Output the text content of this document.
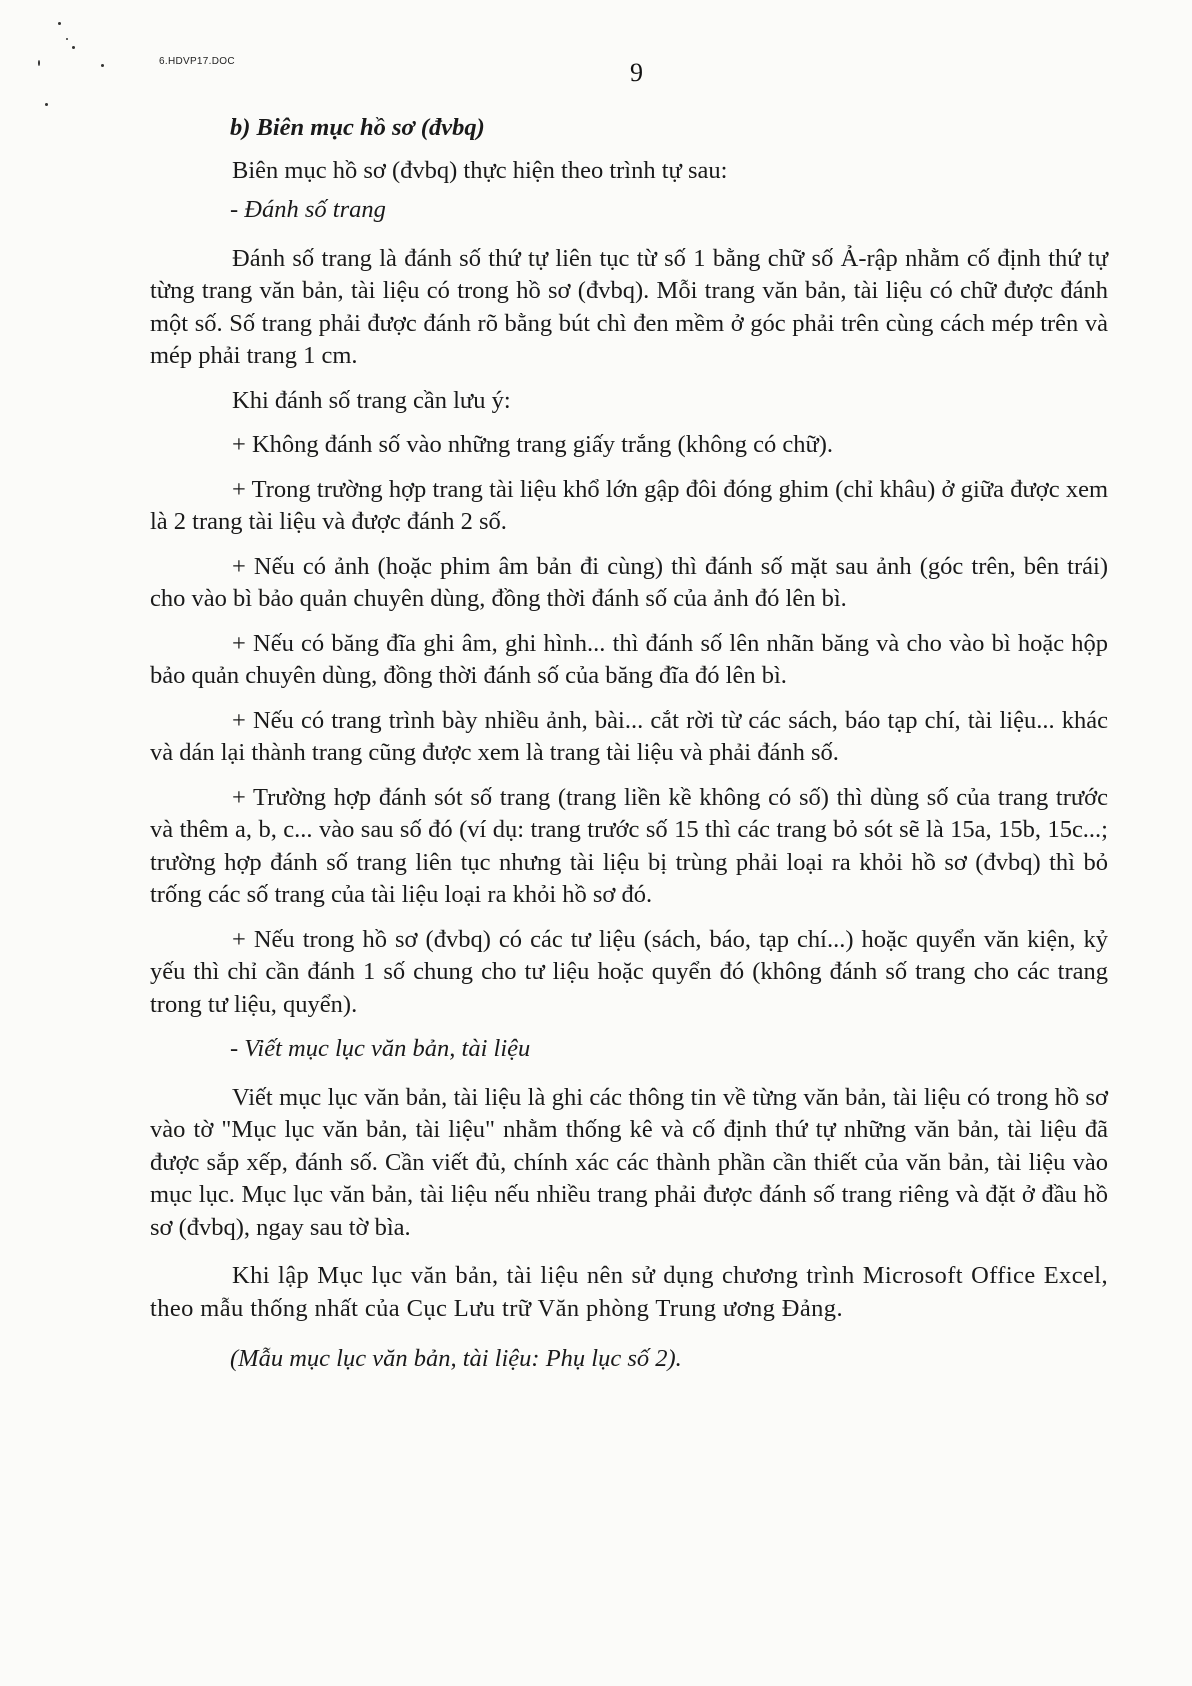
6.HDVP17.DOC	9

b) Biên mục hồ sơ (đvbq)

Biên mục hồ sơ (đvbq) thực hiện theo trình tự sau:

- Đánh số trang

Đánh số trang là đánh số thứ tự liên tục từ số 1 bằng chữ số Ả-rập nhằm cố định thứ tự từng trang văn bản, tài liệu có trong hồ sơ (đvbq). Mỗi trang văn bản, tài liệu có chữ được đánh một số. Số trang phải được đánh rõ bằng bút chì đen mềm ở góc phải trên cùng cách mép trên và mép phải trang 1 cm.

Khi đánh số trang cần lưu ý:

+ Không đánh số vào những trang giấy trắng (không có chữ).

+ Trong trường hợp trang tài liệu khổ lớn gập đôi đóng ghim (chỉ khâu) ở giữa được xem là 2 trang tài liệu và được đánh 2 số.

+ Nếu có ảnh (hoặc phim âm bản đi cùng) thì đánh số mặt sau ảnh (góc trên, bên trái) cho vào bì bảo quản chuyên dùng, đồng thời đánh số của ảnh đó lên bì.

+ Nếu có băng đĩa ghi âm, ghi hình... thì đánh số lên nhãn băng và cho vào bì hoặc hộp bảo quản chuyên dùng, đồng thời đánh số của băng đĩa đó lên bì.

+ Nếu có trang trình bày nhiều ảnh, bài... cắt rời từ các sách, báo tạp chí, tài liệu... khác và dán lại thành trang cũng được xem là trang tài liệu và phải đánh số.

+ Trường hợp đánh sót số trang (trang liền kề không có số) thì dùng số của trang trước và thêm a, b, c... vào sau số đó (ví dụ: trang trước số 15 thì các trang bỏ sót sẽ là 15a, 15b, 15c...; trường hợp đánh số trang liên tục nhưng tài liệu bị trùng phải loại ra khỏi hồ sơ (đvbq) thì bỏ trống các số trang của tài liệu loại ra khỏi hồ sơ đó.

+ Nếu trong hồ sơ (đvbq) có các tư liệu (sách, báo, tạp chí...) hoặc quyển văn kiện, kỷ yếu thì chỉ cần đánh 1 số chung cho tư liệu hoặc quyển đó (không đánh số trang cho các trang trong tư liệu, quyển).

- Viết mục lục văn bản, tài liệu

Viết mục lục văn bản, tài liệu là ghi các thông tin về từng văn bản, tài liệu có trong hồ sơ vào tờ "Mục lục văn bản, tài liệu" nhằm thống kê và cố định thứ tự những văn bản, tài liệu đã được sắp xếp, đánh số. Cần viết đủ, chính xác các thành phần cần thiết của văn bản, tài liệu vào mục lục. Mục lục văn bản, tài liệu nếu nhiều trang phải được đánh số trang riêng và đặt ở đầu hồ sơ (đvbq), ngay sau tờ bìa.

Khi lập Mục lục văn bản, tài liệu nên sử dụng chương trình Microsoft Office Excel, theo mẫu thống nhất của Cục Lưu trữ Văn phòng Trung ương Đảng.

(Mẫu mục lục văn bản, tài liệu: Phụ lục số 2).
